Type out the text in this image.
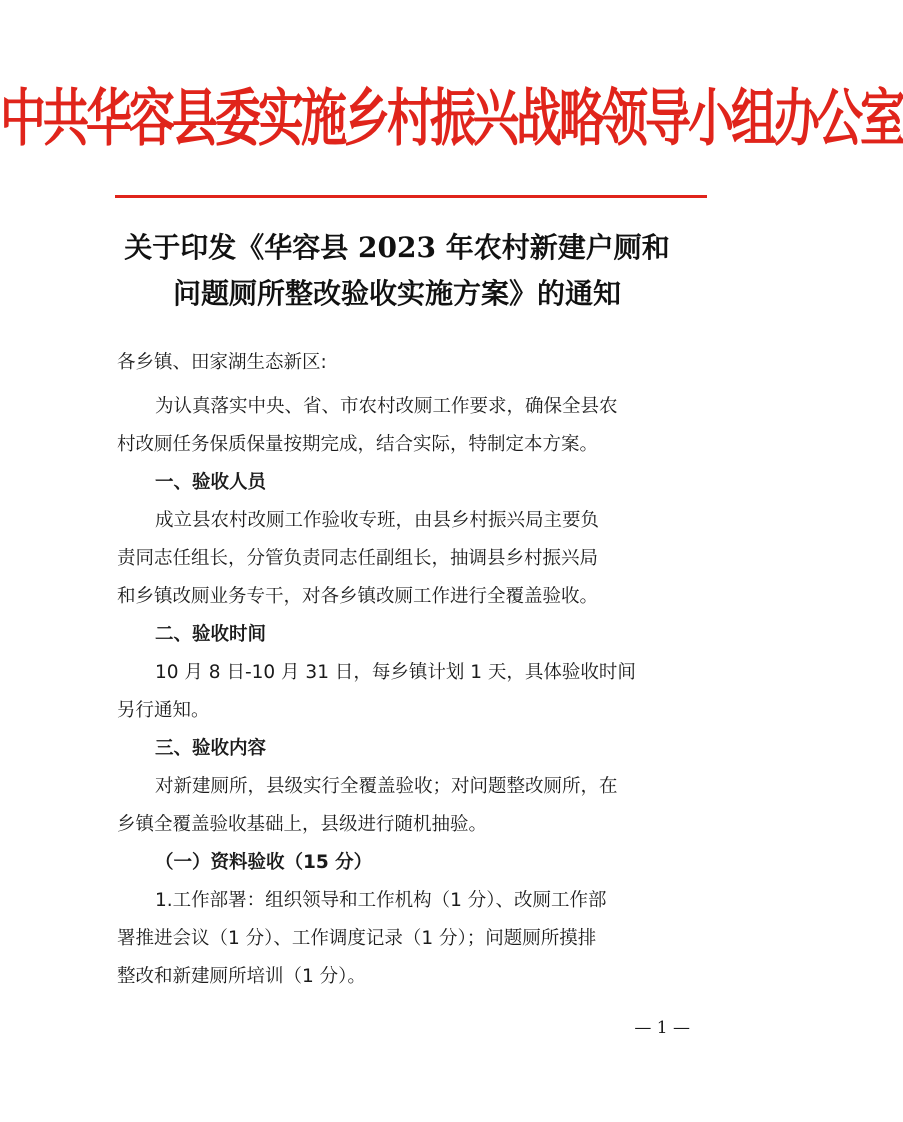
中共华容县委实施乡村振兴战略领导小组办公室
关于印发《华容县 2023 年农村新建户厕和
问题厕所整改验收实施方案》的通知
各乡镇、田家湖生态新区:
为认真落实中央、省、市农村改厕工作要求，确保全县农
村改厕任务保质保量按期完成，结合实际，特制定本方案。
一、验收人员
成立县农村改厕工作验收专班，由县乡村振兴局主要负
责同志任组长，分管负责同志任副组长，抽调县乡村振兴局
和乡镇改厕业务专干，对各乡镇改厕工作进行全覆盖验收。
二、验收时间
10 月 8 日-10 月 31 日，每乡镇计划 1 天，具体验收时间
另行通知。
三、验收内容
对新建厕所，县级实行全覆盖验收；对问题整改厕所，在
乡镇全覆盖验收基础上，县级进行随机抽验。
（一）资料验收（15 分）
1.工作部署：组织领导和工作机构（1 分）、改厕工作部
署推进会议（1 分）、工作调度记录（1 分）；问题厕所摸排
整改和新建厕所培训（1 分）。
— 1 —
